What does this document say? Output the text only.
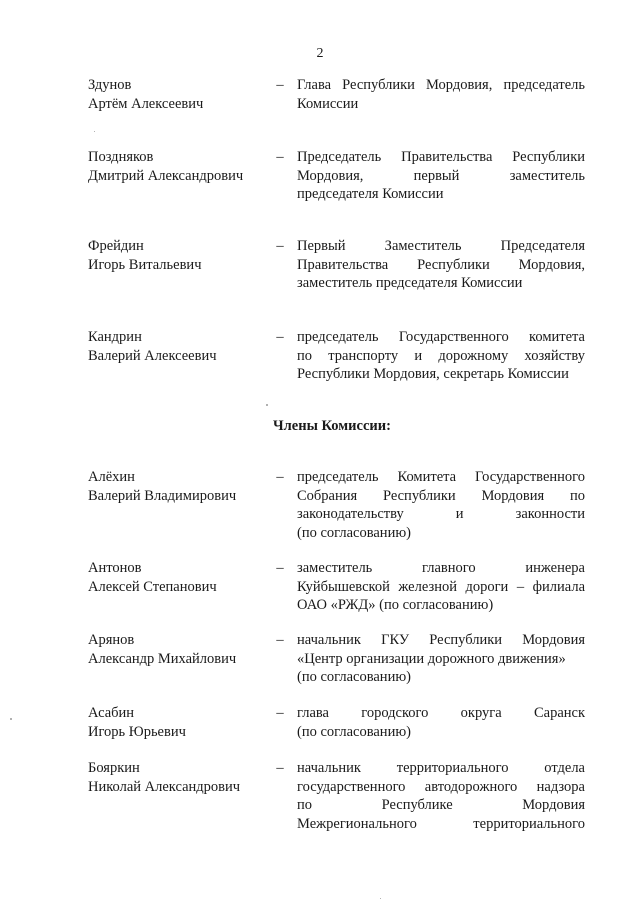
2
Здунов
Артём Алексеевич
– Глава Республики Мордовия, председатель
Комиссии
Поздняков
Дмитрий Александрович
– Председатель Правительства Республики
Мордовия, первый заместитель
председателя Комиссии
Фрейдин
Игорь Витальевич
– Первый Заместитель Председателя
Правительства Республики Мордовия,
заместитель председателя Комиссии
Кандрин
Валерий Алексеевич
– председатель Государственного комитета
по транспорту и дорожному хозяйству
Республики Мордовия, секретарь Комиссии
Члены Комиссии:
Алёхин
Валерий Владимирович
– председатель Комитета Государственного
Собрания Республики Мордовия по
законодательству и законности
(по согласованию)
Антонов
Алексей Степанович
– заместитель главного инженера
Куйбышевской железной дороги – филиала
ОАО «РЖД» (по согласованию)
Арянов
Александр Михайлович
– начальник ГКУ Республики Мордовия
«Центр организации дорожного движения»
(по согласованию)
Асабин
Игорь Юрьевич
– глава городского округа Саранск
(по согласованию)
Бояркин
Николай Александрович
– начальник территориального отдела
государственного автодорожного надзора
по Республике Мордовия
Межрегионального территориального
